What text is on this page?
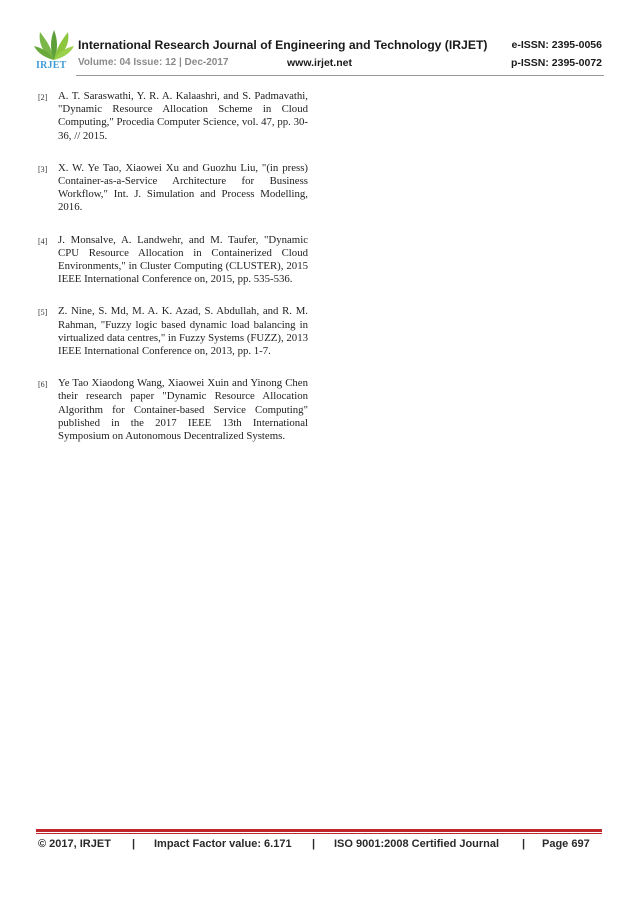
IRJET
International Research Journal of Engineering and Technology (IRJET) e-ISSN: 2395-0056
Volume: 04 Issue: 12 | Dec-2017	www.irjet.net	p-ISSN: 2395-0072
[2] A. T. Saraswathi, Y. R. A. Kalaashri, and S. Padmavathi, "Dynamic Resource Allocation Scheme in Cloud Computing," Procedia Computer Science, vol. 47, pp. 30-36, // 2015.
[3] X. W. Ye Tao, Xiaowei Xu and Guozhu Liu, "(in press) Container-as-a-Service Architecture for Business Workflow," Int. J. Simulation and Process Modelling, 2016.
[4] J. Monsalve, A. Landwehr, and M. Taufer, "Dynamic CPU Resource Allocation in Containerized Cloud Environments," in Cluster Computing (CLUSTER), 2015 IEEE International Conference on, 2015, pp. 535-536.
[5] Z. Nine, S. Md, M. A. K. Azad, S. Abdullah, and R. M. Rahman, "Fuzzy logic based dynamic load balancing in virtualized data centres," in Fuzzy Systems (FUZZ), 2013 IEEE International Conference on, 2013, pp. 1-7.
[6] Ye Tao Xiaodong Wang, Xiaowei Xuin and Yinong Chen their research paper "Dynamic Resource Allocation Algorithm for Container-based Service Computing" published in the 2017 IEEE 13th International Symposium on Autonomous Decentralized Systems.
© 2017, IRJET | Impact Factor value: 6.171 | ISO 9001:2008 Certified Journal | Page 697
